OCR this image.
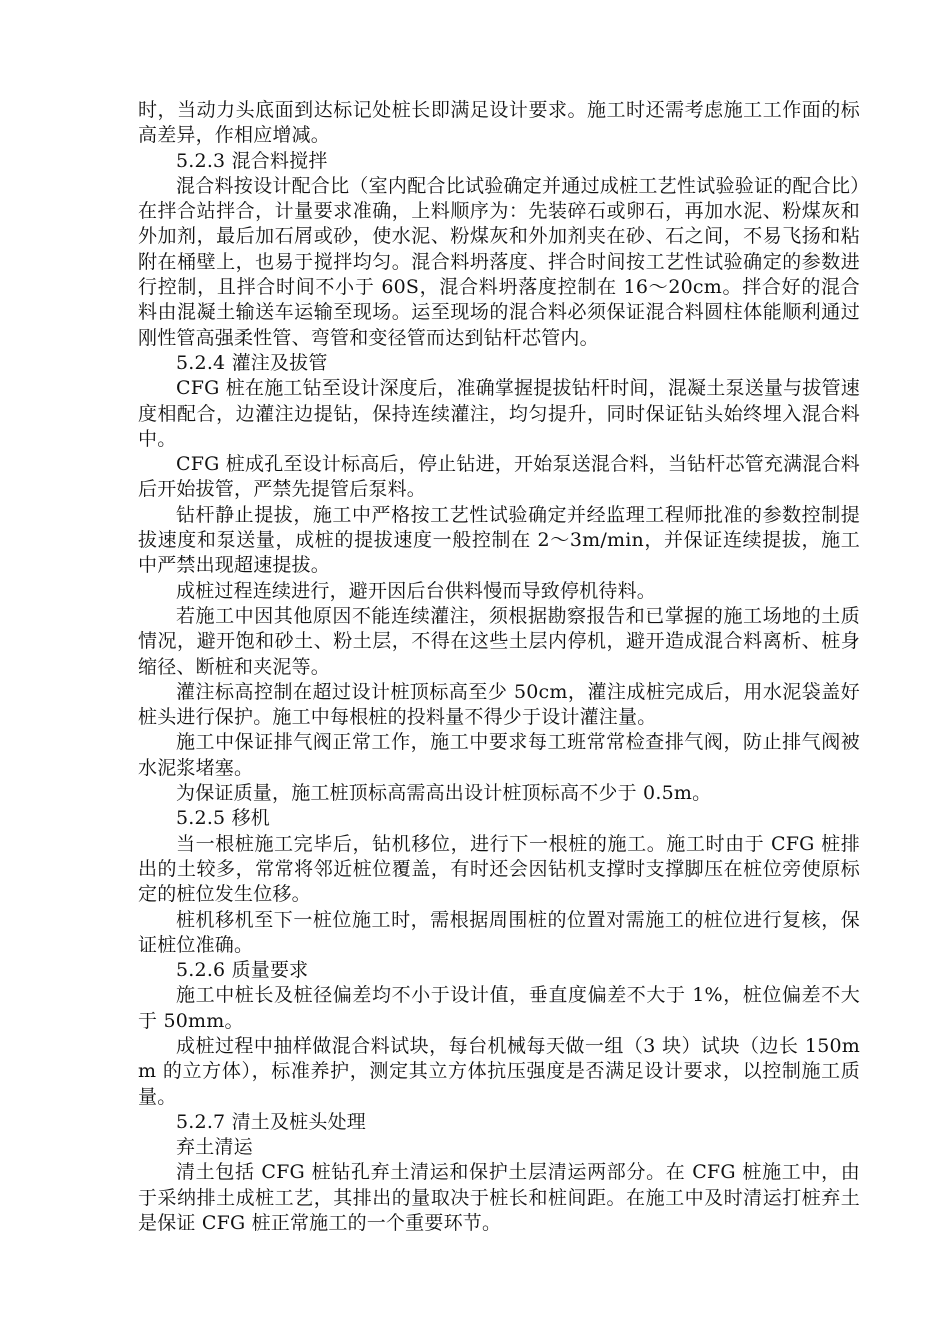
时，当动力头底面到达标记处桩长即满足设计要求。施工时还需考虑施工工作面的标高差异，作相应增减。

5.2.3 混合料搅拌

混合料按设计配合比（室内配合比试验确定并通过成桩工艺性试验验证的配合比）在拌合站拌合，计量要求准确，上料顺序为：先装碎石或卵石，再加水泥、粉煤灰和外加剂，最后加石屑或砂，使水泥、粉煤灰和外加剂夹在砂、石之间，不易飞扬和粘附在桶壁上，也易于搅拌均匀。混合料坍落度、拌合时间按工艺性试验确定的参数进行控制，且拌合时间不小于 60S，混合料坍落度控制在 16～20cm。拌合好的混合料由混凝土输送车运输至现场。运至现场的混合料必须保证混合料圆柱体能顺利通过刚性管高强柔性管、弯管和变径管而达到钻杆芯管内。

5.2.4 灌注及拔管

CFG 桩在施工钻至设计深度后，准确掌握提拔钻杆时间，混凝土泵送量与拔管速度相配合，边灌注边提钻，保持连续灌注，均匀提升，同时保证钻头始终埋入混合料中。

CFG 桩成孔至设计标高后，停止钻进，开始泵送混合料，当钻杆芯管充满混合料后开始拔管，严禁先提管后泵料。

钻杆静止提拔，施工中严格按工艺性试验确定并经监理工程师批准的参数控制提拔速度和泵送量，成桩的提拔速度一般控制在 2～3m/min，并保证连续提拔，施工中严禁出现超速提拔。

成桩过程连续进行，避开因后台供料慢而导致停机待料。

若施工中因其他原因不能连续灌注，须根据勘察报告和已掌握的施工场地的土质情况，避开饱和砂土、粉土层，不得在这些土层内停机，避开造成混合料离析、桩身缩径、断桩和夹泥等。

灌注标高控制在超过设计桩顶标高至少 50cm，灌注成桩完成后，用水泥袋盖好桩头进行保护。施工中每根桩的投料量不得少于设计灌注量。

施工中保证排气阀正常工作，施工中要求每工班常常检查排气阀，防止排气阀被水泥浆堵塞。

为保证质量，施工桩顶标高需高出设计桩顶标高不少于 0.5m。

5.2.5 移机

当一根桩施工完毕后，钻机移位，进行下一根桩的施工。施工时由于 CFG 桩排出的土较多，常常将邻近桩位覆盖，有时还会因钻机支撑时支撑脚压在桩位旁使原标定的桩位发生位移。

桩机移机至下一桩位施工时，需根据周围桩的位置对需施工的桩位进行复核，保证桩位准确。

5.2.6 质量要求

施工中桩长及桩径偏差均不小于设计值，垂直度偏差不大于 1%，桩位偏差不大于 50mm。

成桩过程中抽样做混合料试块，每台机械每天做一组（3 块）试块（边长 150mm 的立方体），标准养护，测定其立方体抗压强度是否满足设计要求，以控制施工质量。

5.2.7 清土及桩头处理

弃土清运

清土包括 CFG 桩钻孔弃土清运和保护土层清运两部分。在 CFG 桩施工中，由于采纳排土成桩工艺，其排出的量取决于桩长和桩间距。在施工中及时清运打桩弃土是保证 CFG 桩正常施工的一个重要环节。
